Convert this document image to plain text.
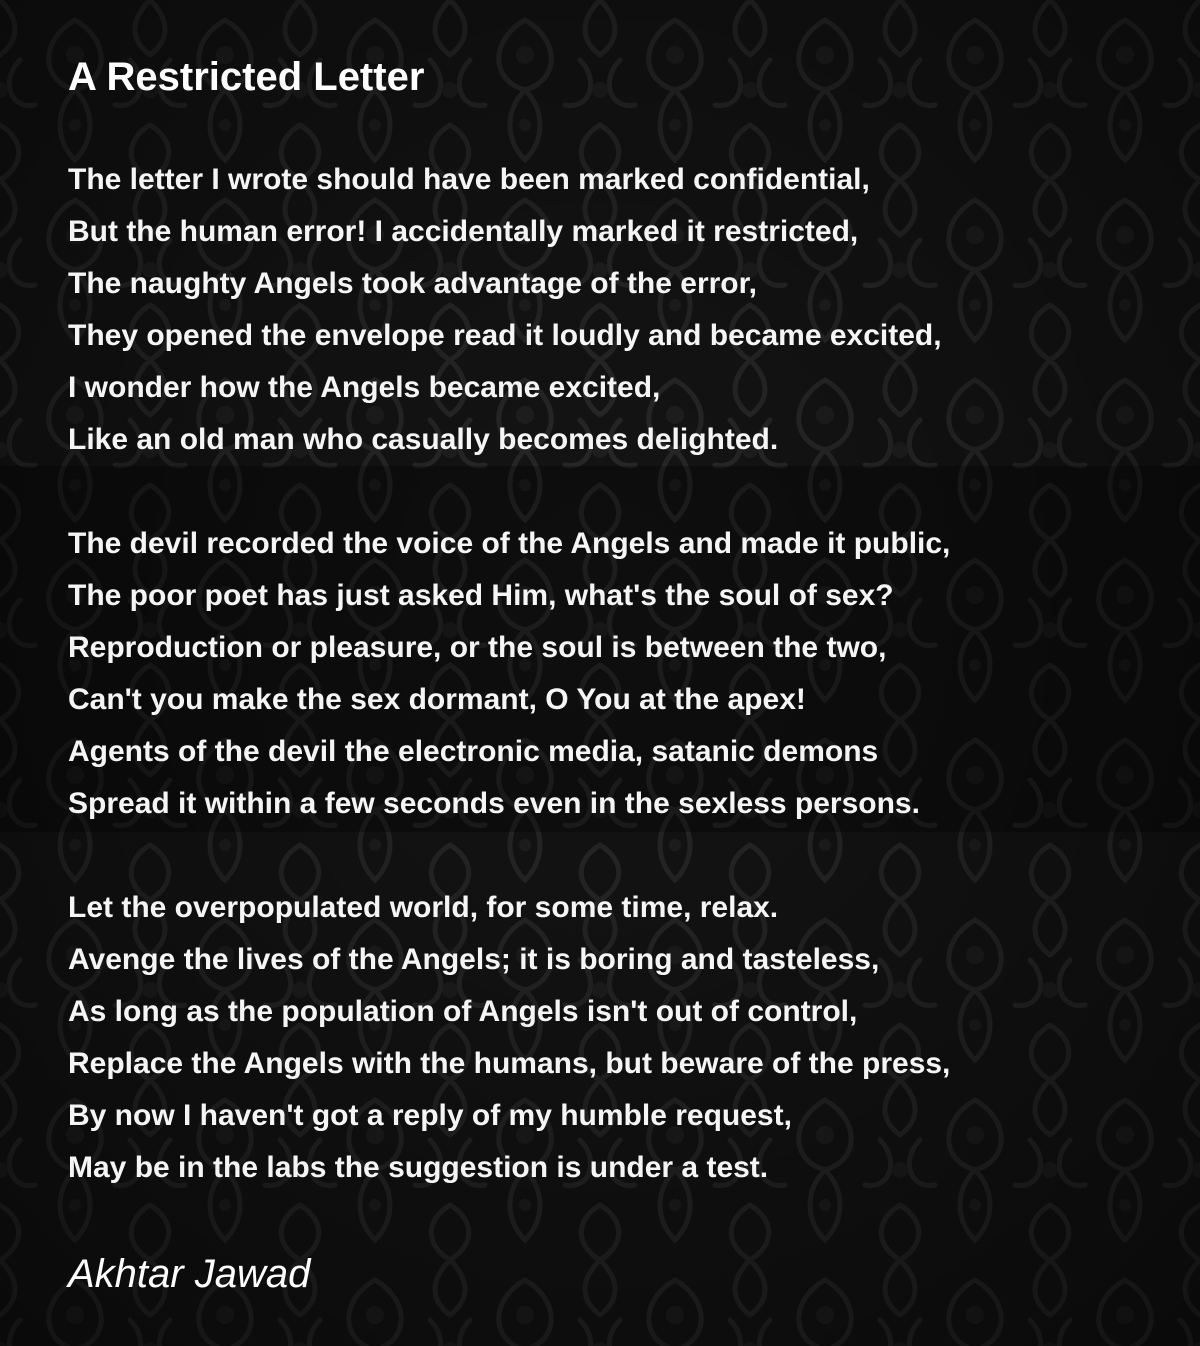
A Restricted Letter
The letter I wrote should have been marked confidential,
But the human error! I accidentally marked it restricted,
The naughty Angels took advantage of the error,
They opened the envelope read it loudly and became excited,
I wonder how the Angels became excited,
Like an old man who casually becomes delighted.
The devil recorded the voice of the Angels and made it public,
The poor poet has just asked Him, what's the soul of sex?
Reproduction or pleasure, or the soul is between the two,
Can't you make the sex dormant, O You at the apex!
Agents of the devil the electronic media, satanic demons
Spread it within a few seconds even in the sexless persons.
Let the overpopulated world, for some time, relax.
Avenge the lives of the Angels; it is boring and tasteless,
As long as the population of Angels isn't out of control,
Replace the Angels with the humans, but beware of the press,
By now I haven't got a reply of my humble request,
May be in the labs the suggestion is under a test.
Akhtar Jawad
